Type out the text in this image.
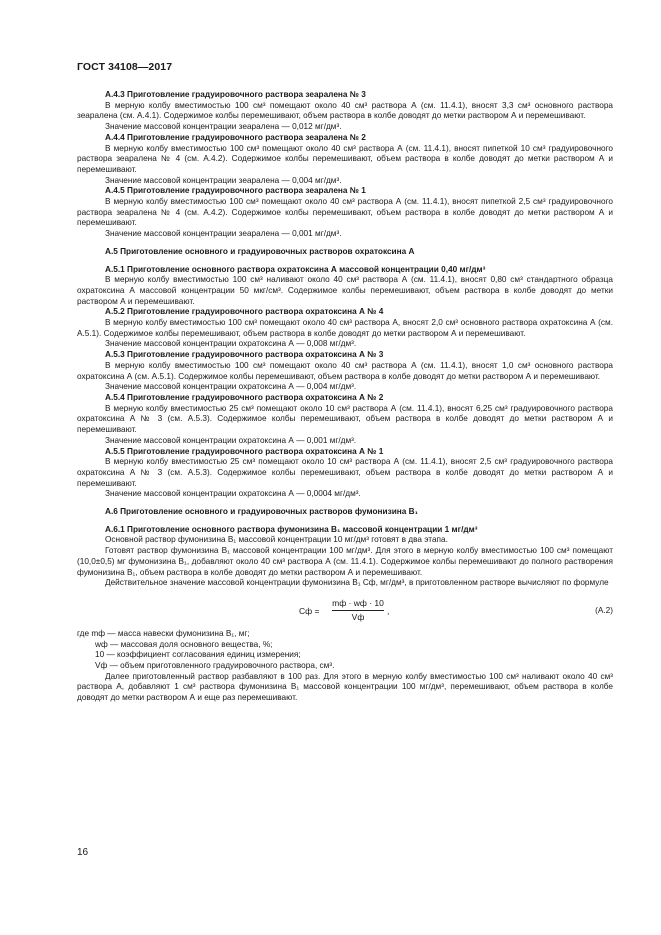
ГОСТ 34108—2017

A.4.3 Приготовление градуировочного раствора зеараленa № 3

В мерную колбу вместимостью 100 см³ помещают около 40 см³ раствора А (см. 11.4.1), вносят 3,3 см³ основного раствора зеараленa (см. А.4.1). Содержимое колбы перемешивают, объем раствора в колбе доводят до метки раствором А и перемешивают.

Значение массовой концентрации зеараленa — 0,012 мг/дм³.

A.4.4 Приготовление градуировочного раствора зеараленa № 2

В мерную колбу вместимостью 100 см³ помещают около 40 см³ раствора А (см. 11.4.1), вносят пипеткой 10 см³ градуировочного раствора зеараленa № 4 (см. А.4.2). Содержимое колбы перемешивают, объем раствора в колбе доводят до метки раствором А и перемешивают.

Значение массовой концентрации зеараленa — 0,004 мг/дм³.

A.4.5 Приготовление градуировочного раствора зеараленa № 1

В мерную колбу вместимостью 100 см³ помещают около 40 см³ раствора А (см. 11.4.1), вносят пипеткой 2,5 см³ градуировочного раствора зеараленa № 4 (см. А.4.2). Содержимое колбы перемешивают, объем раствора в колбе доводят до метки раствором А и перемешивают.

Значение массовой концентрации зеараленa — 0,001 мг/дм³.

A.5 Приготовление основного и градуировочных растворов охратоксина А

A.5.1 Приготовление основного раствора охратоксина А массовой концентрации 0,40 мг/дм³

В мерную колбу вместимостью 100 см³ наливают около 40 см³ раствора А (см. 11.4.1), вносят 0,80 см³ стандартного образца охратоксина А массовой концентрации 50 мкг/см³. Содержимое колбы перемешивают, объем раствора в колбе доводят до метки раствором А и перемешивают.

A.5.2 Приготовление градуировочного раствора охратоксина А № 4

В мерную колбу вместимостью 100 см³ помещают около 40 см³ раствора А, вносят 2,0 см³ основного раствора охратоксина А (см. А.5.1). Содержимое колбы перемешивают, объем раствора в колбе доводят до метки раствором А и перемешивают.

Значение массовой концентрации охратоксина А — 0,008 мг/дм³.

A.5.3 Приготовление градуировочного раствора охратоксина А № 3

В мерную колбу вместимостью 100 см³ помещают около 40 см³ раствора А (см. 11.4.1), вносят 1,0 см³ основного раствора охратоксина А (см. А.5.1). Содержимое колбы перемешивают, объем раствора в колбе доводят до метки раствором А и перемешивают.

Значение массовой концентрации охратоксина А — 0,004 мг/дм³.

A.5.4 Приготовление градуировочного раствора охратоксина А № 2

В мерную колбу вместимостью 25 см³ помещают около 10 см³ раствора А (см. 11.4.1), вносят 6,25 см³ градуировочного раствора охратоксина А № 3 (см. А.5.3). Содержимое колбы перемешивают, объем раствора в колбе доводят до метки раствором А и перемешивают.

Значение массовой концентрации охратоксина А — 0,001 мг/дм³.

A.5.5 Приготовление градуировочного раствора охратоксина А № 1

В мерную колбу вместимостью 25 см³ помещают около 10 см³ раствора А (см. 11.4.1), вносят 2,5 см³ градуировочного раствора охратоксина А № 3 (см. А.5.3). Содержимое колбы перемешивают, объем раствора в колбе доводят до метки раствором А и перемешивают.

Значение массовой концентрации охратоксина А — 0,0004 мг/дм³.

A.6 Приготовление основного и градуировочных растворов фумонизина B₁

A.6.1 Приготовление основного раствора фумонизина B₁ массовой концентрации 1 мг/дм³

Основной раствор фумонизина B₁ массовой концентрации 10 мг/дм³ готовят в два этапа.

Готовят раствор фумонизина B₁ массовой концентрации 100 мг/дм³. Для этого в мерную колбу вместимостью 100 см³ помещают (10,0±0,5) мг фумонизина B₁, добавляют около 40 см³ раствора А (см. 11.4.1). Содержимое колбы перемешивают до полного растворения фумонизина B₁, объем раствора в колбе доводят до метки раствором А и перемешивают.

Действительное значение массовой концентрации фумонизина B₁ Cф, мг/дм³, в приготовленном растворе вычисляют по формуле

Cф =
mф · wф · 10
Vф
,	(A.2)
где mф — масса навески фумонизина B₁, мг;
wф — массовая доля основного вещества, %;
10 — коэффициент согласования единиц измерения;
Vф — объем приготовленного градуировочного раствора, см³.

Далее приготовленный раствор разбавляют в 100 раз. Для этого в мерную колбу вместимостью 100 см³ наливают около 40 см³ раствора А, добавляют 1 см³ раствора фумонизина B₁ массовой концентрации 100 мг/дм³, перемешивают, объем раствора в колбе доводят до метки раствором А и еще раз перемешивают.

16
